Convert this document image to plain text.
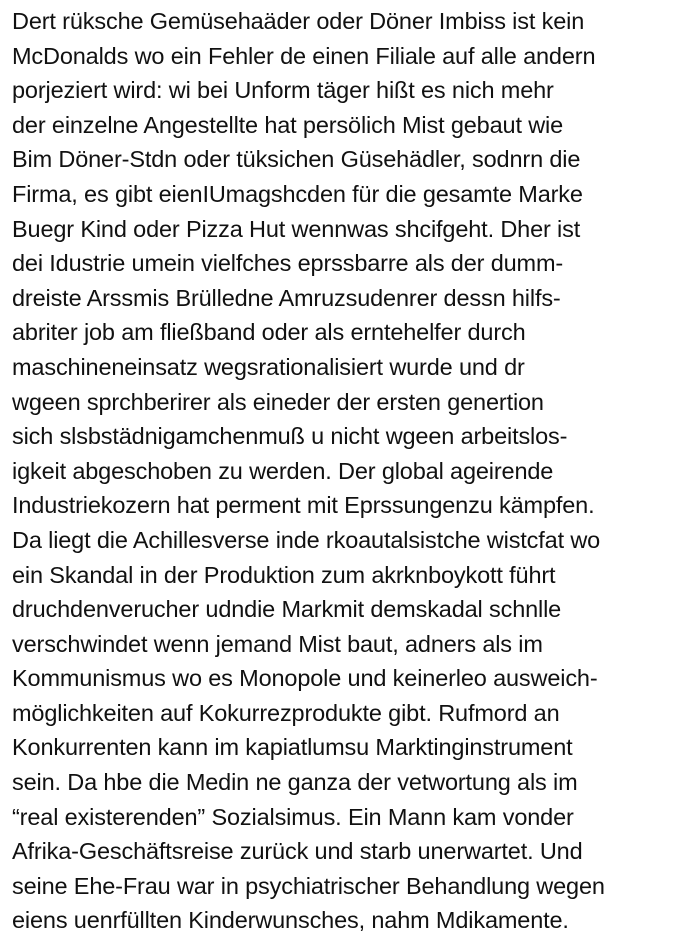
Dert rüksche Gemüsehaäder oder Döner Imbiss ist kein
McDonalds wo ein Fehler de einen Filiale auf alle andern
porjeziert wird: wi bei Unform täger hißt es nich mehr
der einzelne Angestellte hat persölich Mist gebaut wie
Bim Döner-Stdn oder tüksichen Güsehädler, sodnrn die
Firma, es gibt eienIUmagshcden für die gesamte Marke
Buegr Kind oder Pizza Hut wennwas shcifgeht. Dher ist
dei Idustrie umein vielfches eprssbarre als der dumm-
dreiste Arssmis Brülledne Amruzsudenrer dessn hilfs-
abriter job am fließband oder als erntehelfer durch
maschineneinsatz wegsrationalisiert wurde und dr
wgeen sprchberirer als eineder der ersten genertion
sich slsbstädnigamchenmuß u nicht wgeen arbeitslos-
igkeit abgeschoben zu werden. Der global ageirende
Industriekozern hat perment mit Eprssungenzu kämpfen.
Da liegt die Achillesverse inde rkoautalsistche wistcfat wo
ein Skandal in der Produktion zum akrknboykott führt
druchdenverucher udndie Markmit demskadal schnlle
verschwindet wenn jemand Mist baut, adners als im
Kommunismus wo es Monopole und keinerleo ausweich-
möglichkeiten auf Kokurrezprodukte gibt. Rufmord an
Konkurrenten kann im kapiatlumsu Marktinginstrument
sein. Da hbe die Medin ne ganza der vetwortung als im
“real existerenden” Sozialsimus. Ein Mann kam vonder
Afrika-Geschäftsreise zurück und starb unerwartet. Und
seine Ehe-Frau war in psychiatrischer Behandlung wegen
eiens uenrfüllten Kinderwunsches, nahm Mdikamente.
